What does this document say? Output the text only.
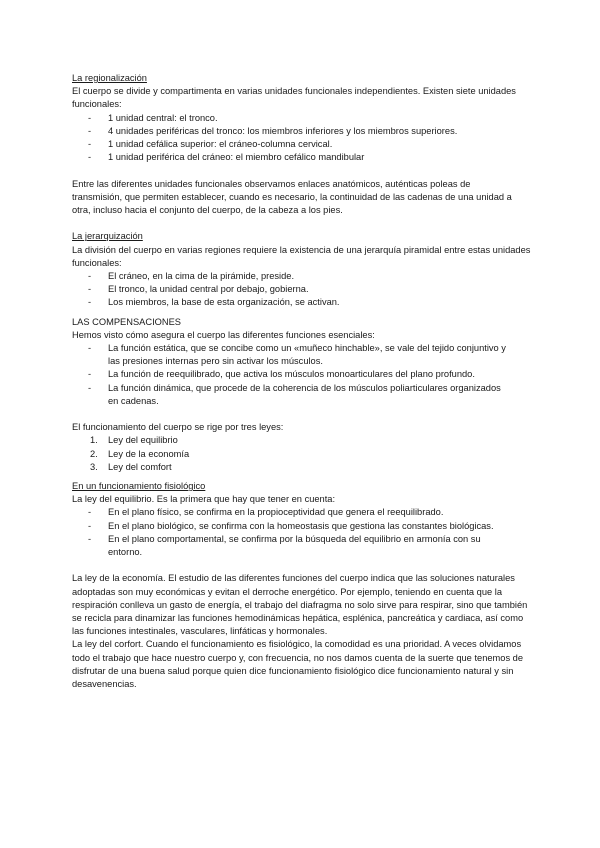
La regionalización

El cuerpo se divide y compartimenta en varias unidades funcionales independientes. Existen siete unidades funcionales:

- 1 unidad central: el tronco.
- 4 unidades periféricas del tronco: los miembros inferiores y los miembros superiores.
- 1 unidad cefálica superior: el cráneo-columna cervical.
- 1 unidad periférica del cráneo: el miembro cefálico mandibular

Entre las diferentes unidades funcionales observamos enlaces anatómicos, auténticas poleas de transmisión, que permiten establecer, cuando es necesario, la continuidad de las cadenas de una unidad a otra, incluso hacia el conjunto del cuerpo, de la cabeza a los pies.

La jerarquización

La división del cuerpo en varias regiones requiere la existencia de una jerarquía piramidal entre estas unidades funcionales:

- El cráneo, en la cima de la pirámide, preside.
- El tronco, la unidad central por debajo, gobierna.
- Los miembros, la base de esta organización, se activan.

LAS COMPENSACIONES

Hemos visto cómo asegura el cuerpo las diferentes funciones esenciales:

- La función estática, que se concibe como un «muñeco hinchable», se vale del tejido conjuntivo y las presiones internas pero sin activar los músculos.
- La función de reequilibrado, que activa los músculos monoarticulares del plano profundo.
- La función dinámica, que procede de la coherencia de los músculos poliarticulares organizados en cadenas.

El funcionamiento del cuerpo se rige por tres leyes:

1. Ley del equilibrio
2. Ley de la economía
3. Ley del comfort

En un funcionamiento fisiológico

La ley del equilibrio. Es la primera que hay que tener en cuenta:

- En el plano físico, se confirma en la propioceptividad que genera el reequilibrado.
- En el plano biológico, se confirma con la homeostasis que gestiona las constantes biológicas.
- En el plano comportamental, se confirma por la búsqueda del equilibrio en armonía con su entorno.

La ley de la economía. El estudio de las diferentes funciones del cuerpo indica que las soluciones naturales adoptadas son muy económicas y evitan el derroche energético. Por ejemplo, teniendo en cuenta que la respiración conlleva un gasto de energía, el trabajo del diafragma no solo sirve para respirar, sino que también se recicla para dinamizar las funciones hemodinámicas hepática, esplénica, pancreática y cardiaca, así como las funciones intestinales, vasculares, linfáticas y hormonales.

La ley del corfort. Cuando el funcionamiento es fisiológico, la comodidad es una prioridad. A veces olvidamos todo el trabajo que hace nuestro cuerpo y, con frecuencia, no nos damos cuenta de la suerte que tenemos de disfrutar de una buena salud porque quien dice funcionamiento fisiológico dice funcionamiento natural y sin desavenencias.
